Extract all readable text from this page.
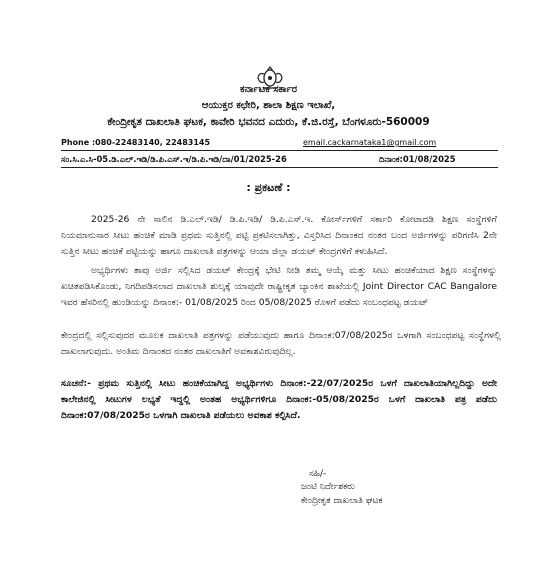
ಕರ್ನಾಟಕ ಸರ್ಕಾರ
ಆಯುಕ್ತರ ಕಛೇರಿ, ಶಾಲಾ ಶಿಕ್ಷಣ ಇಲಾಖೆ,
ಕೇಂದ್ರೀಕೃತ ದಾಖಲಾತಿ ಘಟಕ, ಕಾವೇರಿ ಭವನದ ಎದುರು, ಕೆ.ಜಿ.ರಸ್ತೆ, ಬೆಂಗಳೂರು-560009
Phone :080-22483140, 22483145	email.cackarnataka1@gmail.com
ಸಂ.ಸಿ.ಎ.ಸಿ-05.ಡಿ.ಎಲ್.ಇಡಿ/ಡಿ.ಪಿ.ಎಸ್.ಇ/ಡಿ.ಪಿ.ಇಡಿ/ದಾ/01/2025-26	ದಿನಾಂಕ:01/08/2025
: ಪ್ರಕಟಣೆ :

2025-26 ನೇ ಸಾಲಿನ ಡಿ.ಎಲ್.ಇಡಿ/ ಡಿ.ಪಿ.ಇಡಿ/ ಡಿ.ಪಿ.ಎಸ್.ಇ. ಕೋರ್ಸ್‌ಗಳಿಗೆ ಸರ್ಕಾರಿ ಕೋಟಾದಡಿ ಶಿಕ್ಷಣ ಸಂಸ್ಥೆಗಳಿಗೆ ನಿಯಮಾನುಸಾರ ಸೀಟು ಹಂಚಿಕೆ ಮಾಡಿ ಪ್ರಥಮ ಸುತ್ತಿನಲ್ಲಿ ಪಟ್ಟಿ ಪ್ರಕಟಿಸಲಾಗಿತ್ತು, ವಿಸ್ತರಿಸಿದ ದಿನಾಂಕದ ನಂತರ ಬಂದ ಅರ್ಜಿಗಳನ್ನು ಪರಿಗಣಿಸಿ 2ನೇ ಸುತ್ತಿನ ಸೀಟು ಹಂಚಿಕೆ ಪಟ್ಟಿಯನ್ನು ಹಾಗೂ ದಾಖಲಾತಿ ಪತ್ರಗಳನ್ನು ಆಯಾ ಜಿಲ್ಲಾ ಡಯಟ್ ಕೇಂದ್ರಗಳಿಗೆ ಕಳುಹಿಸಿದೆ.

ಅಭ್ಯರ್ಥಿಗಳು ತಾವು ಅರ್ಜಿ ಸಲ್ಲಿಸಿದ ಡಯಟ್ ಕೇಂದ್ರಕ್ಕೆ ಭೇಟಿ ನೀಡಿ ತಮ್ಮ ಆಯ್ಕೆ ಮತ್ತು ಸೀಟು ಹಂಚಿಕೆಯಾದ ಶಿಕ್ಷಣ ಸಂಸ್ಥೆಗಳನ್ನು ಖಚಿತಪಡಿಸಿಕೊಂಡು, ನಿಗದಿಪಡಿಸಲಾದ ದಾಖಲಾತಿ ಶುಲ್ಕಕ್ಕೆ ಯಾವುದೇ ರಾಷ್ಟ್ರೀಕೃತ ಬ್ಯಾಂಕಿನ ಶಾಖೆಯಲ್ಲಿ Joint Director CAC Bangalore ಇವರ ಹೆಸರಿನಲ್ಲಿ ಹುಂಡಿಯನ್ನು ದಿನಾಂಕ:- 01/08/2025 ರಿಂದ 05/08/2025 ರೊಳಗೆ ಪಡೆದು ಸಂಬಂಧಪಟ್ಟ ಡಯಟ್

ಕೇಂದ್ರದಲ್ಲಿ ಸಲ್ಲಿಸುವುದರ ಮೂಲಕ ದಾಖಲಾತಿ ಪತ್ರಗಳನ್ನು ಪಡೆಯುವುದು ಹಾಗೂ ದಿನಾಂಕ:07/08/2025ರ ಒಳಗಾಗಿ ಸಂಬಂಧಪಟ್ಟ ಸಂಸ್ಥೆಗಳಲ್ಲಿ ದಾಖಲಾಗುವುದು. ಅಂತಿಮ ದಿನಾಂಕದ ನಂತರ ದಾಖಲಾತಿಗೆ ಅವಕಾಶವಿರುವುದಿಲ್ಲ.

ಸೂಚನೆ:- ಪ್ರಥಮ ಸುತ್ತಿನಲ್ಲಿ ಸೀಟು ಹಂಚಿಕೆಯಾಗಿದ್ದ ಅಭ್ಯರ್ಥಿಗಳು ದಿನಾಂಕ:-22/07/2025ರ ಒಳಗೆ ದಾಖಲಾತಿಯಾಗಿಲ್ಲದಿದ್ದು ಅದೇ ಕಾಲೇಜಿನಲ್ಲಿ ಸೀಟುಗಳ ಲಭ್ಯತೆ ಇದ್ದಲ್ಲಿ ಅಂತಹ ಅಭ್ಯರ್ಥಿಗಳಿಗೂ ದಿನಾಂಕ:-05/08/2025ರ ಒಳಗೆ ದಾಖಲಾತಿ ಪತ್ರ ಪಡೆದು ದಿನಾಂಕ:07/08/2025ರ ಒಳಗಾಗಿ ದಾಖಲಾತಿ ಪಡೆಯಲು ಅವಕಾಶ ಕಲ್ಪಿಸಿದೆ.

ಸಹಿ/-
ಜಂಟಿ ನಿರ್ದೇಶಕರು
ಕೇಂದ್ರೀಕೃತ ದಾಖಲಾತಿ ಘಟಕ
